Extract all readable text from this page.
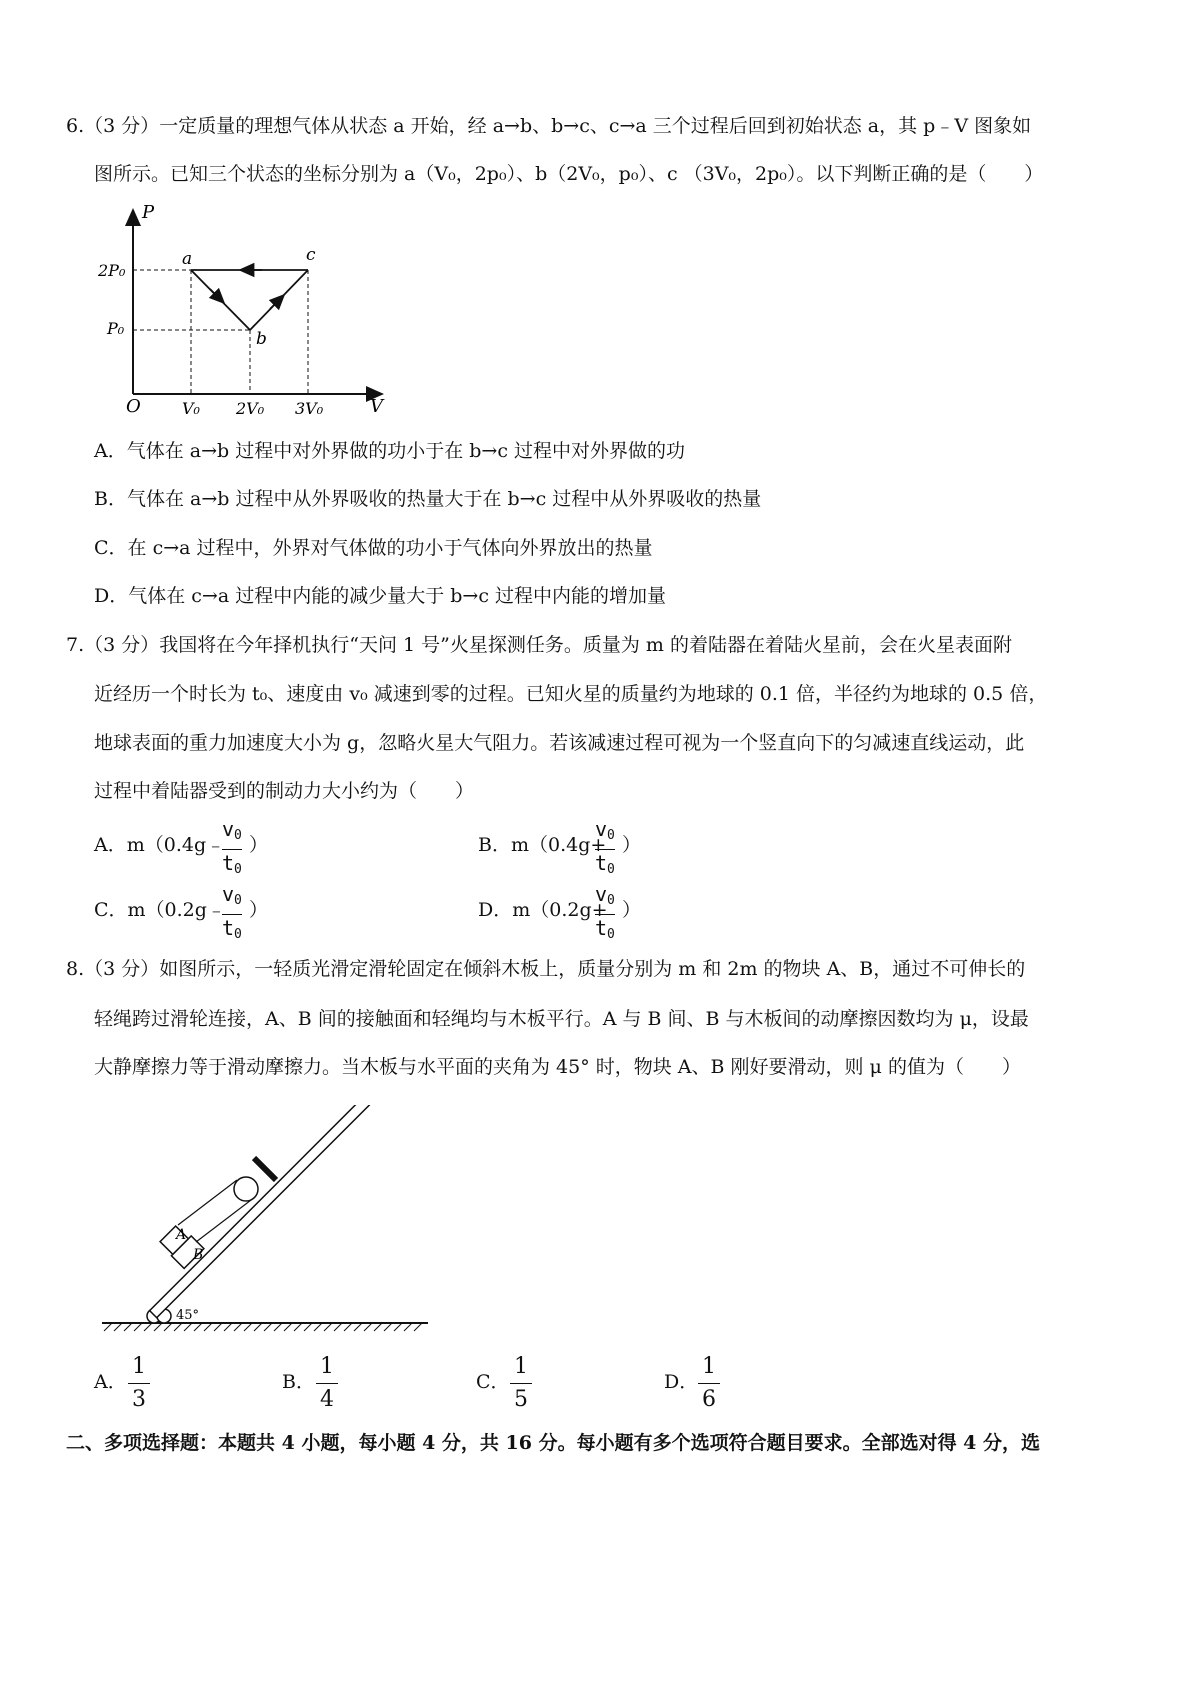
6.（3 分）一定质量的理想气体从状态 a 开始，经 a→b、b→c、c→a 三个过程后回到初始状态 a，其 p﹣V 图象如
图所示。已知三个状态的坐标分别为 a（V₀，2p₀）、b（2V₀，p₀）、c （3V₀，2p₀）。以下判断正确的是（　　）
P
V
O
2P₀
P₀
V₀ 2V₀ 3V₀
a
b
c
A．气体在 a→b 过程中对外界做的功小于在 b→c 过程中对外界做的功
B．气体在 a→b 过程中从外界吸收的热量大于在 b→c 过程中从外界吸收的热量
C．在 c→a 过程中，外界对气体做的功小于气体向外界放出的热量
D．气体在 c→a 过程中内能的减少量大于 b→c 过程中内能的增加量
7.（3 分）我国将在今年择机执行“天问 1 号”火星探测任务。质量为 m 的着陆器在着陆火星前，会在火星表面附
近经历一个时长为 t₀、速度由 v₀ 减速到零的过程。已知火星的质量约为地球的 0.1 倍，半径约为地球的 0.5 倍，
地球表面的重力加速度大小为 g，忽略火星大气阻力。若该减速过程可视为一个竖直向下的匀减速直线运动，此
过程中着陆器受到的制动力大小约为（　　）
A．m（0.4g﹣
$v_0$
$t_0$
）	B．m（0.4g+
$v_0$
$t_0$
）
C．m（0.2g﹣
$v_0$
$t_0$
）	D．m（0.2g+
$v_0$
$t_0$
）
8.（3 分）如图所示，一轻质光滑定滑轮固定在倾斜木板上，质量分别为 m 和 2m 的物块 A、B，通过不可伸长的
轻绳跨过滑轮连接，A、B 间的接触面和轻绳均与木板平行。A 与 B 间、B 与木板间的动摩擦因数均为 μ，设最
大静摩擦力等于滑动摩擦力。当木板与水平面的夹角为 45° 时，物块 A、B 刚好要滑动，则 μ 的值为（　　）
A
B
45°
A．
1
3
B．
1
4
C．
1
5
D．
1
6
二、多项选择题：本题共 4 小题，每小题 4 分，共 16 分。每小题有多个选项符合题目要求。全部选对得 4 分，选
